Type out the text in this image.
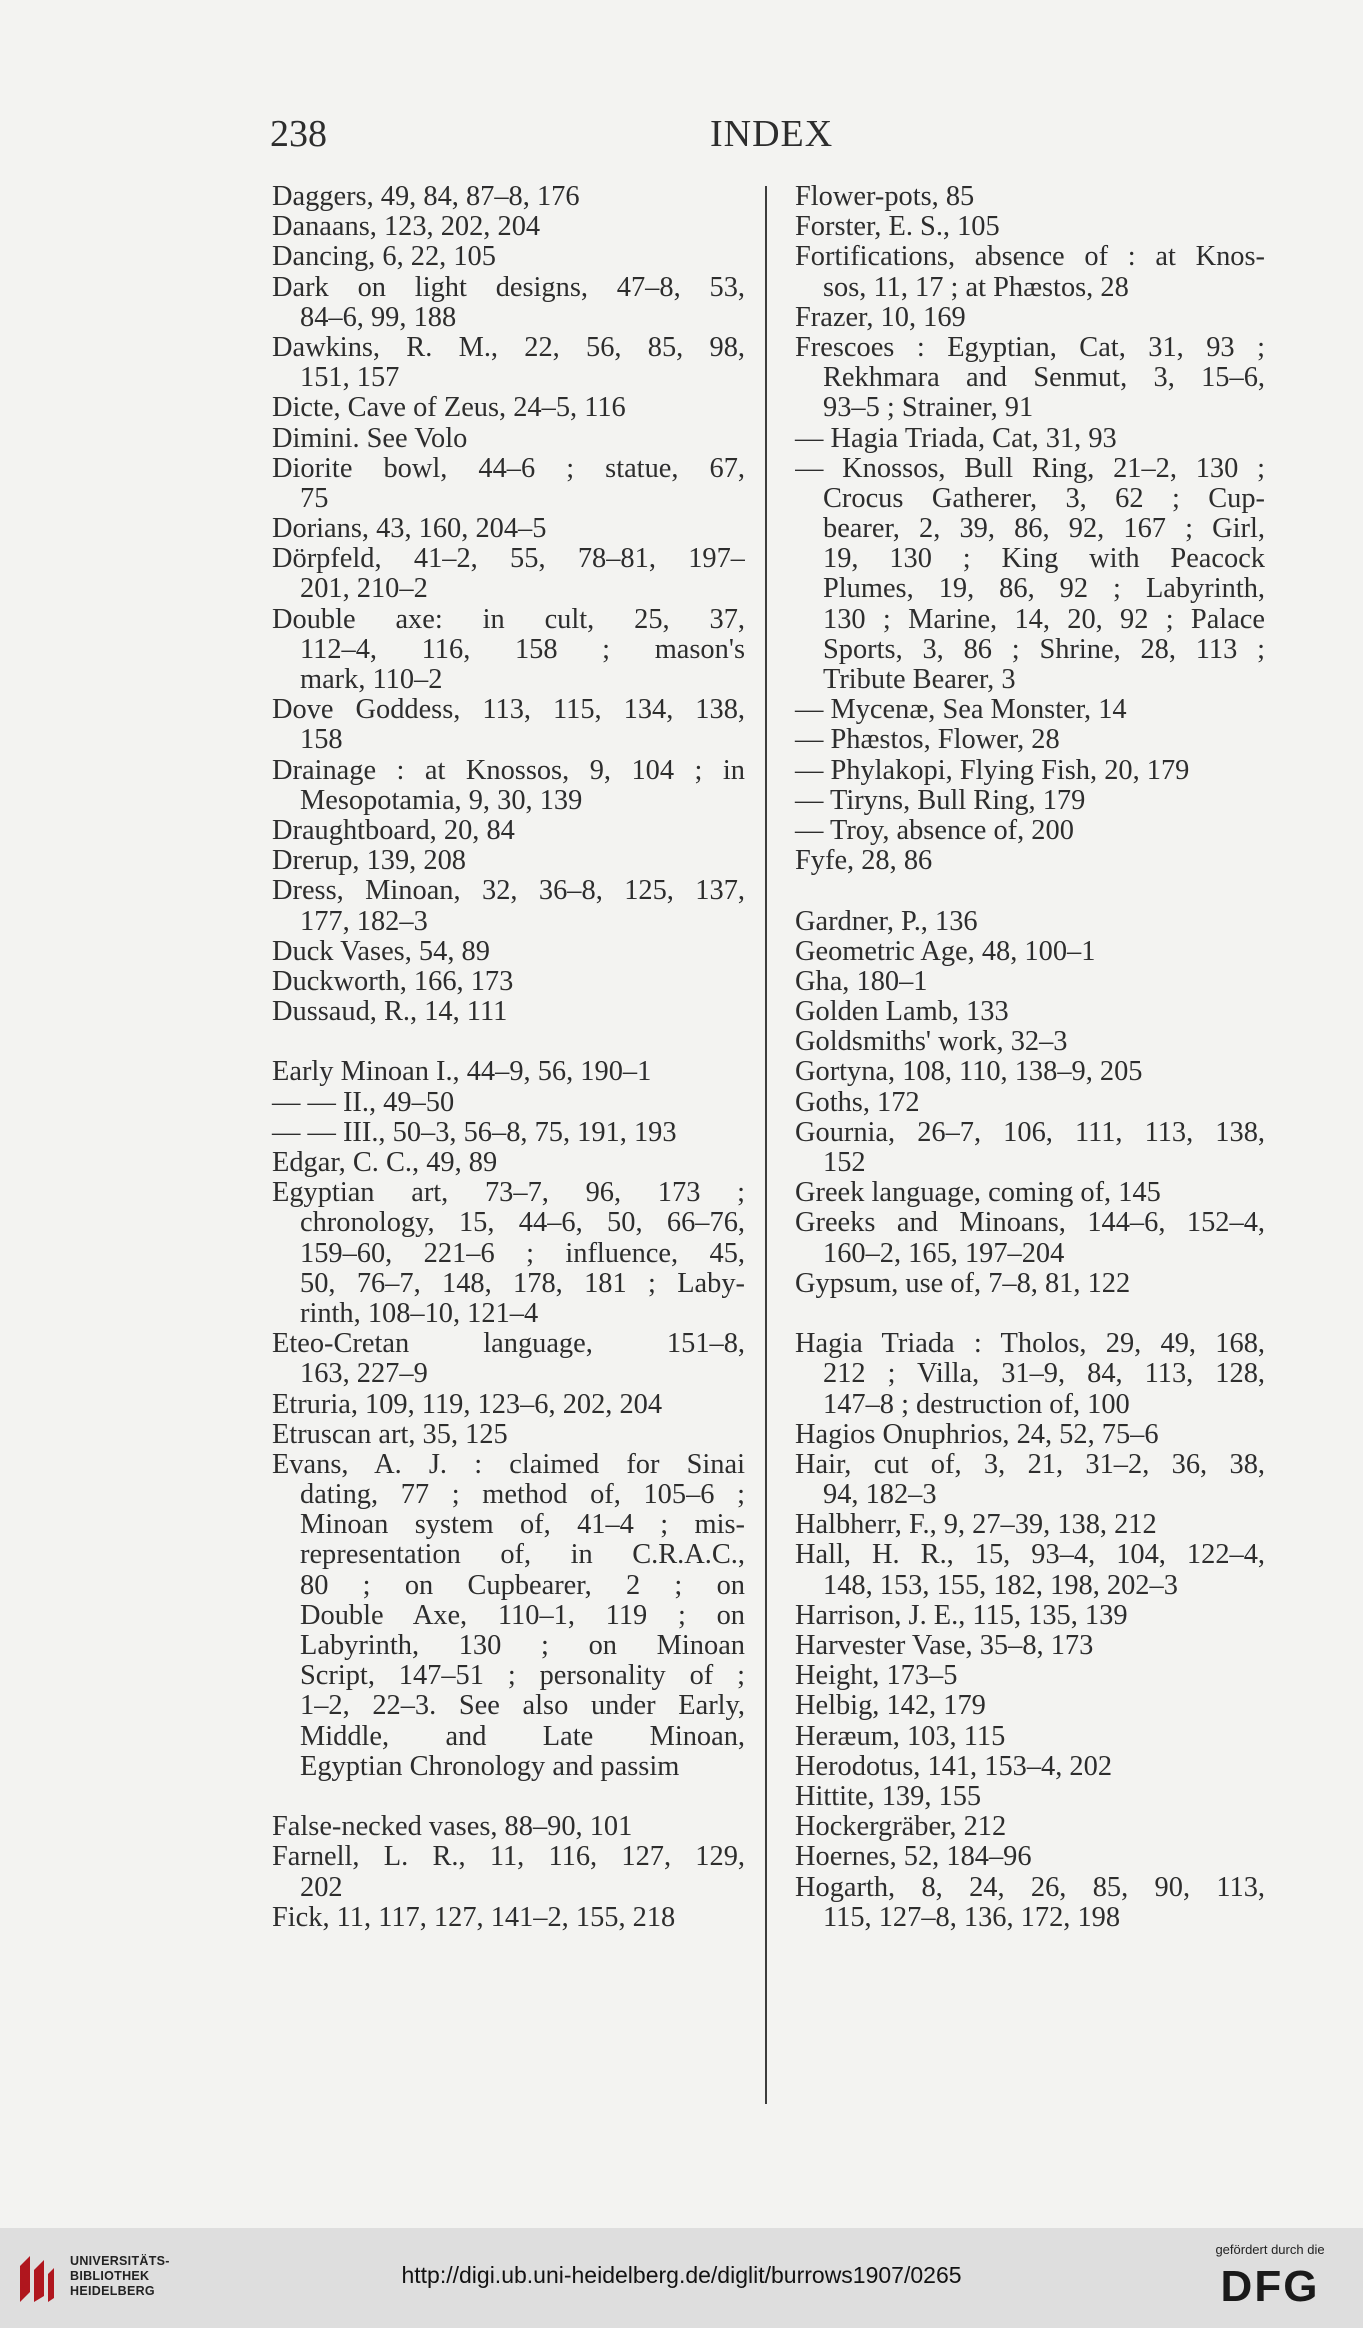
238	INDEX
Daggers, 49, 84, 87–8, 176
Danaans, 123, 202, 204
Dancing, 6, 22, 105
Dark on light designs, 47–8, 53,
84–6, 99, 188
Dawkins, R. M., 22, 56, 85, 98,
151, 157
Dicte, Cave of Zeus, 24–5, 116
Dimini. See Volo
Diorite bowl, 44–6 ; statue, 67,
75
Dorians, 43, 160, 204–5
Dörpfeld, 41–2, 55, 78–81, 197–
201, 210–2
Double axe: in cult, 25, 37,
112–4, 116, 158 ; mason's
mark, 110–2
Dove Goddess, 113, 115, 134, 138,
158
Drainage : at Knossos, 9, 104 ; in
Mesopotamia, 9, 30, 139
Draughtboard, 20, 84
Drerup, 139, 208
Dress, Minoan, 32, 36–8, 125, 137,
177, 182–3
Duck Vases, 54, 89
Duckworth, 166, 173
Dussaud, R., 14, 111
Early Minoan I., 44–9, 56, 190–1
— — II., 49–50
— — III., 50–3, 56–8, 75, 191, 193
Edgar, C. C., 49, 89
Egyptian art, 73–7, 96, 173 ;
chronology, 15, 44–6, 50, 66–76,
159–60, 221–6 ; influence, 45,
50, 76–7, 148, 178, 181 ; Laby-
rinth, 108–10, 121–4
Eteo-Cretan language, 151–8,
163, 227–9
Etruria, 109, 119, 123–6, 202, 204
Etruscan art, 35, 125
Evans, A. J. : claimed for Sinai
dating, 77 ; method of, 105–6 ;
Minoan system of, 41–4 ; mis-
representation of, in C.R.A.C.,
80 ; on Cupbearer, 2 ; on
Double Axe, 110–1, 119 ; on
Labyrinth, 130 ; on Minoan
Script, 147–51 ; personality of ;
1–2, 22–3. See also under Early,
Middle, and Late Minoan,
Egyptian Chronology and passim
False-necked vases, 88–90, 101
Farnell, L. R., 11, 116, 127, 129,
202
Fick, 11, 117, 127, 141–2, 155, 218
Flower-pots, 85
Forster, E. S., 105
Fortifications, absence of : at Knos-
sos, 11, 17 ; at Phæstos, 28
Frazer, 10, 169
Frescoes : Egyptian, Cat, 31, 93 ;
Rekhmara and Senmut, 3, 15–6,
93–5 ; Strainer, 91
— Hagia Triada, Cat, 31, 93
— Knossos, Bull Ring, 21–2, 130 ;
Crocus Gatherer, 3, 62 ; Cup-
bearer, 2, 39, 86, 92, 167 ; Girl,
19, 130 ; King with Peacock
Plumes, 19, 86, 92 ; Labyrinth,
130 ; Marine, 14, 20, 92 ; Palace
Sports, 3, 86 ; Shrine, 28, 113 ;
Tribute Bearer, 3
— Mycenæ, Sea Monster, 14
— Phæstos, Flower, 28
— Phylakopi, Flying Fish, 20, 179
— Tiryns, Bull Ring, 179
— Troy, absence of, 200
Fyfe, 28, 86
Gardner, P., 136
Geometric Age, 48, 100–1
Gha, 180–1
Golden Lamb, 133
Goldsmiths' work, 32–3
Gortyna, 108, 110, 138–9, 205
Goths, 172
Gournia, 26–7, 106, 111, 113, 138,
152
Greek language, coming of, 145
Greeks and Minoans, 144–6, 152–4,
160–2, 165, 197–204
Gypsum, use of, 7–8, 81, 122
Hagia Triada : Tholos, 29, 49, 168,
212 ; Villa, 31–9, 84, 113, 128,
147–8 ; destruction of, 100
Hagios Onuphrios, 24, 52, 75–6
Hair, cut of, 3, 21, 31–2, 36, 38,
94, 182–3
Halbherr, F., 9, 27–39, 138, 212
Hall, H. R., 15, 93–4, 104, 122–4,
148, 153, 155, 182, 198, 202–3
Harrison, J. E., 115, 135, 139
Harvester Vase, 35–8, 173
Height, 173–5
Helbig, 142, 179
Heræum, 103, 115
Herodotus, 141, 153–4, 202
Hittite, 139, 155
Hockergräber, 212
Hoernes, 52, 184–96
Hogarth, 8, 24, 26, 85, 90, 113,
115, 127–8, 136, 172, 198
UNIVERSITÄTS-
BIBLIOTHEK
HEIDELBERG
http://digi.ub.uni-heidelberg.de/diglit/burrows1907/0265
gefördert durch die
DFG
